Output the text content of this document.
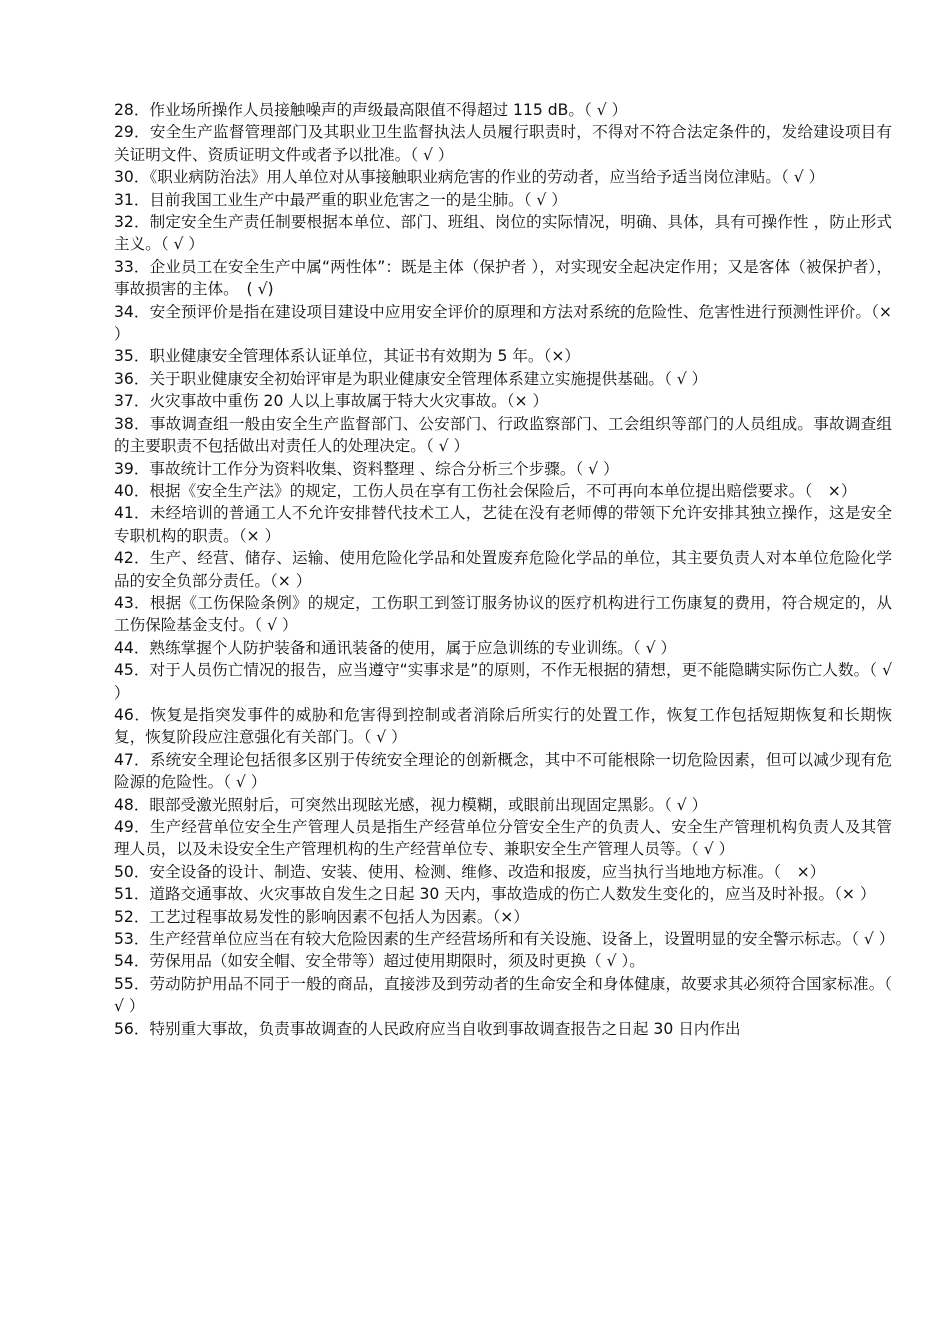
28．作业场所操作人员接触噪声的声级最高限值不得超过 115 dB。（ √ ）

29．安全生产监督管理部门及其职业卫生监督执法人员履行职责时，不得对不符合法定条件的，发给建设项目有关证明文件、资质证明文件或者予以批准。（ √ ）

30．《职业病防治法》用人单位对从事接触职业病危害的作业的劳动者，应当给予适当岗位津贴。（ √ ）

31．目前我国工业生产中最严重的职业危害之一的是尘肺。（ √ ）

32．制定安全生产责任制要根据本单位、部门、班组、岗位的实际情况，明确、具体，具有可操作性 ，防止形式主义。（ √ ）

33．企业员工在安全生产中属“两性体”：既是主体（保护者 ），对实现安全起决定作用；又是客体（被保护者），事故损害的主体。　( √)

34．安全预评价是指在建设项目建设中应用安全评价的原理和方法对系统的危险性、危害性进行预测性评价。（× ）

35．职业健康安全管理体系认证单位，其证书有效期为 5 年。（×）

36．关于职业健康安全初始评审是为职业健康安全管理体系建立实施提供基础。（ √ ）

37．火灾事故中重伤 20 人以上事故属于特大火灾事故。（× ）

38．事故调查组一般由安全生产监督部门、公安部门、行政监察部门、工会组织等部门的人员组成。事故调查组的主要职责不包括做出对责任人的处理决定。（ √ ）

39．事故统计工作分为资料收集、资料整理 、综合分析三个步骤。（ √ ）

40．根据《安全生产法》的规定，工伤人员在享有工伤社会保险后，不可再向本单位提出赔偿要求。（　×）

41．未经培训的普通工人不允许安排替代技术工人，艺徒在没有老师傅的带领下允许安排其独立操作，这是安全专职机构的职责。（× ）

42．生产、经营、储存、运输、使用危险化学品和处置废弃危险化学品的单位，其主要负责人对本单位危险化学品的安全负部分责任。（× ）

43．根据《工伤保险条例》的规定，工伤职工到签订服务协议的医疗机构进行工伤康复的费用，符合规定的，从工伤保险基金支付。（ √ ）

44．熟练掌握个人防护装备和通讯装备的使用，属于应急训练的专业训练。（ √ ）

45．对于人员伤亡情况的报告，应当遵守“实事求是”的原则，不作无根据的猜想，更不能隐瞒实际伤亡人数。（ √ ）

46．恢复是指突发事件的威胁和危害得到控制或者消除后所实行的处置工作，恢复工作包括短期恢复和长期恢复，恢复阶段应注意强化有关部门。（ √ ）

47．系统安全理论包括很多区别于传统安全理论的创新概念，其中不可能根除一切危险因素，但可以减少现有危险源的危险性。（ √ ）

48．眼部受激光照射后，可突然出现眩光感，视力模糊，或眼前出现固定黑影。（ √ ）

49．生产经营单位安全生产管理人员是指生产经营单位分管安全生产的负责人、安全生产管理机构负责人及其管理人员，以及未设安全生产管理机构的生产经营单位专、兼职安全生产管理人员等。（ √ ）

50．安全设备的设计、制造、安装、使用、检测、维修、改造和报废，应当执行当地地方标准。（　×）

51．道路交通事故、火灾事故自发生之日起 30 天内，事故造成的伤亡人数发生变化的，应当及时补报。（× ）

52．工艺过程事故易发性的影响因素不包括人为因素。（×）

53．生产经营单位应当在有较大危险因素的生产经营场所和有关设施、设备上，设置明显的安全警示标志。（ √ ）

54．劳保用品（如安全帽、安全带等）超过使用期限时，须及时更换（ √ ）。

55．劳动防护用品不同于一般的商品，直接涉及到劳动者的生命安全和身体健康，故要求其必须符合国家标准。（ √ ）

56．特别重大事故，负责事故调查的人民政府应当自收到事故调查报告之日起 30 日内作出
